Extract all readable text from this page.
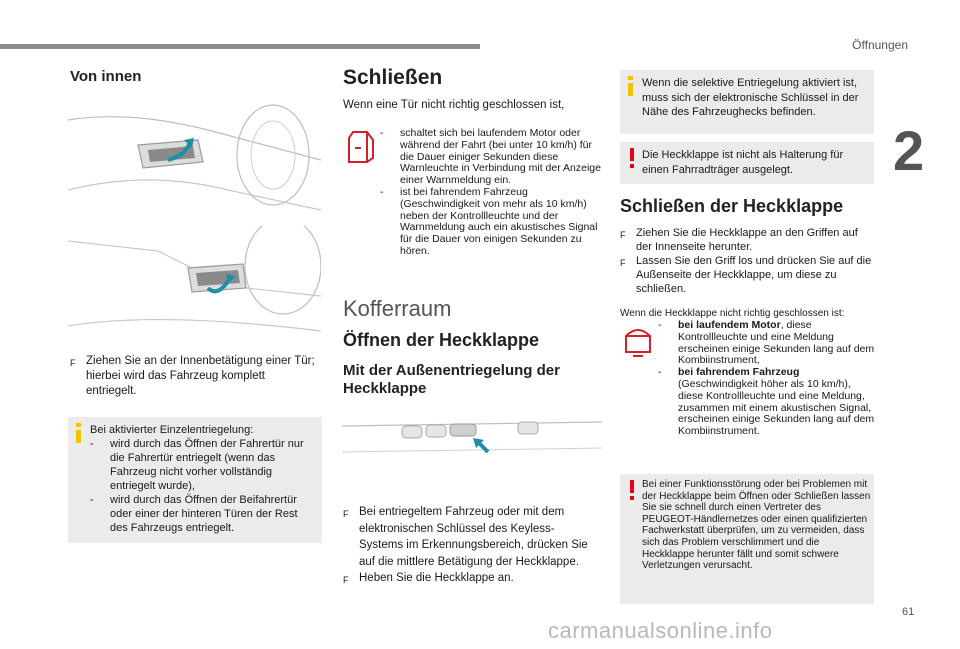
Öffnungen
2
61
Von innen
F Ziehen Sie an der Innenbetätigung einer Tür; hierbei wird das Fahrzeug komplett entriegelt.
Bei aktivierter Einzelentriegelung:
-	wird durch das Öffnen der Fahrertür nur die Fahrertür entriegelt (wenn das Fahrzeug nicht vorher vollständig entriegelt wurde),
-	wird durch das Öffnen der Beifahrertür oder einer der hinteren Türen der Rest des Fahrzeugs entriegelt.
Schließen
Wenn eine Tür nicht richtig geschlossen ist,
-	schaltet sich bei laufendem Motor oder während der Fahrt (bei unter 10 km/h) für die Dauer einiger Sekunden diese Warnleuchte in Verbindung mit der Anzeige einer Warnmeldung ein.
-	ist bei fahrendem Fahrzeug (Geschwindigkeit von mehr als 10 km/h) neben der Kontrollleuchte und der Warnmeldung auch ein akustisches Signal für die Dauer von einigen Sekunden zu hören.
Kofferraum
Öffnen der Heckklappe
Mit der Außenentriegelung der Heckklappe
F Bei entriegeltem Fahrzeug oder mit dem elektronischen Schlüssel des Keyless-Systems im Erkennungsbereich, drücken Sie auf die mittlere Betätigung der Heckklappe.
F Heben Sie die Heckklappe an.
Wenn die selektive Entriegelung aktiviert ist, muss sich der elektronische Schlüssel in der Nähe des Fahrzeughecks befinden.
Die Heckklappe ist nicht als Halterung für einen Fahrradträger ausgelegt.
Schließen der Heckklappe
F Ziehen Sie die Heckklappe an den Griffen auf der Innenseite herunter.
F Lassen Sie den Griff los und drücken Sie auf die Außenseite der Heckklappe, um diese zu schließen.
Wenn die Heckklappe nicht richtig geschlossen ist:
-	bei laufendem Motor, diese Kontrollleuchte und eine Meldung erscheinen einige Sekunden lang auf dem Kombiinstrument,
-	bei fahrendem Fahrzeug (Geschwindigkeit höher als 10 km/h), diese Kontrollleuchte und eine Meldung, zusammen mit einem akustischen Signal, erscheinen einige Sekunden lang auf dem Kombiinstrument.
Bei einer Funktionsstörung oder bei Problemen mit der Heckklappe beim Öffnen oder Schließen lassen Sie sie schnell durch einen Vertreter des PEUGEOT-Händlernetzes oder einen qualifizierten Fachwerkstatt überprüfen, um zu vermeiden, dass sich das Problem verschlimmert und die Heckklappe herunter fällt und somit schwere Verletzungen verursacht.
carmanualsonline.info
